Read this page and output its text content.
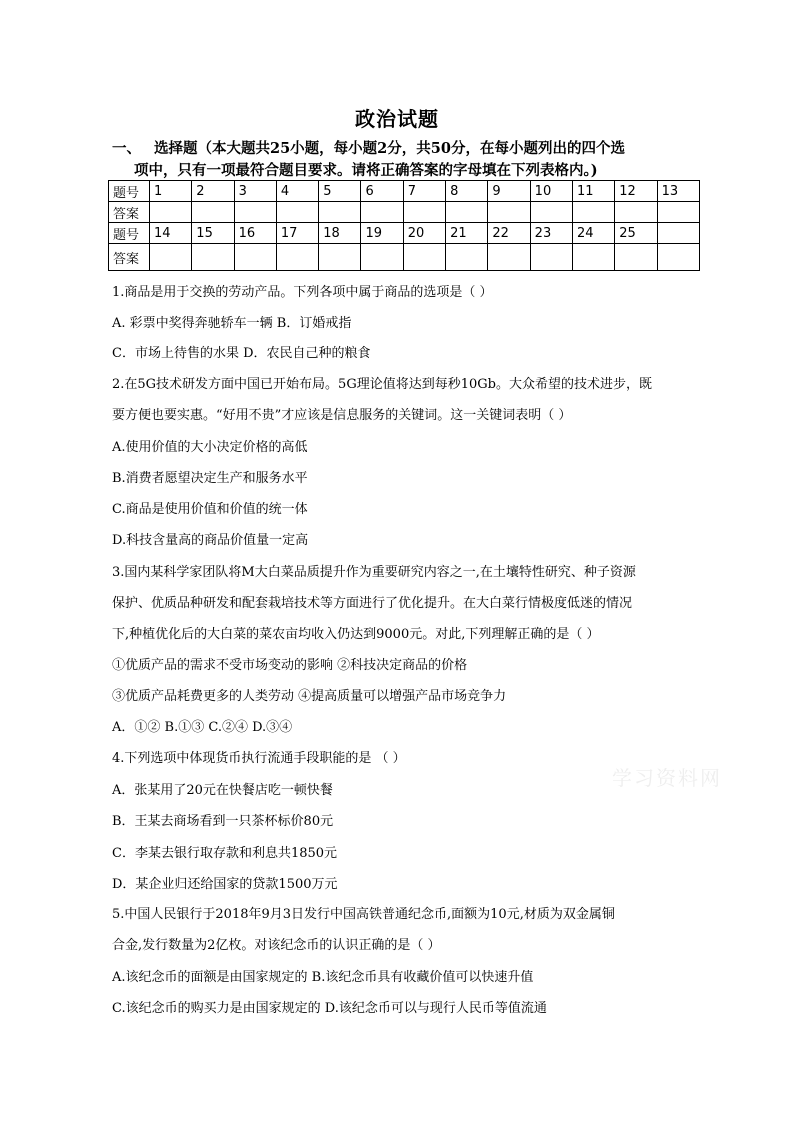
政治试题
一、 选择题（本大题共25小题，每小题2分，共50分，在每小题列出的四个选
项中，只有一项最符合题目要求。请将正确答案的字母填在下列表格内。)
题号	1	2	3	4	5	6	7	8	9	10	11	12	13
答案													
题号	14	15	16	17	18	19	20	21	22	23	24	25	
答案													
1.商品是用于交换的劳动产品。下列各项中属于商品的选项是（ ）
A. 彩票中奖得奔驰轿车一辆 B．订婚戒指
C．市场上待售的水果 D．农民自己种的粮食
2.在5G技术研发方面中国已开始布局。5G理论值将达到每秒10Gb。大众希望的技术进步，既
要方便也要实惠。“好用不贵”才应该是信息服务的关键词。这一关键词表明（ ）
A.使用价值的大小决定价格的高低
B.消费者愿望决定生产和服务水平
C.商品是使用价值和价值的统一体
D.科技含量高的商品价值量一定高
3.国内某科学家团队将M大白菜品质提升作为重要研究内容之一,在土壤特性研究、种子资源
保护、优质品种研发和配套栽培技术等方面进行了优化提升。在大白菜行情极度低迷的情况
下,种植优化后的大白菜的菜农亩均收入仍达到9000元。对此,下列理解正确的是（ ）
①优质产品的需求不受市场变动的影响 ②科技决定商品的价格
③优质产品耗费更多的人类劳动 ④提高质量可以增强产品市场竞争力
A．①② B.①③ C.②④ D.③④
4.下列选项中体现货币执行流通手段职能的是 （ ）
A．张某用了20元在快餐店吃一顿快餐
B．王某去商场看到一只茶杯标价80元
C．李某去银行取存款和利息共1850元
D．某企业归还给国家的贷款1500万元
5.中国人民银行于2018年9月3日发行中国高铁普通纪念币,面额为10元,材质为双金属铜
合金,发行数量为2亿枚。对该纪念币的认识正确的是（ ）
A.该纪念币的面额是由国家规定的 B.该纪念币具有收藏价值可以快速升值
C.该纪念币的购买力是由国家规定的 D.该纪念币可以与现行人民币等值流通
学习资料网
